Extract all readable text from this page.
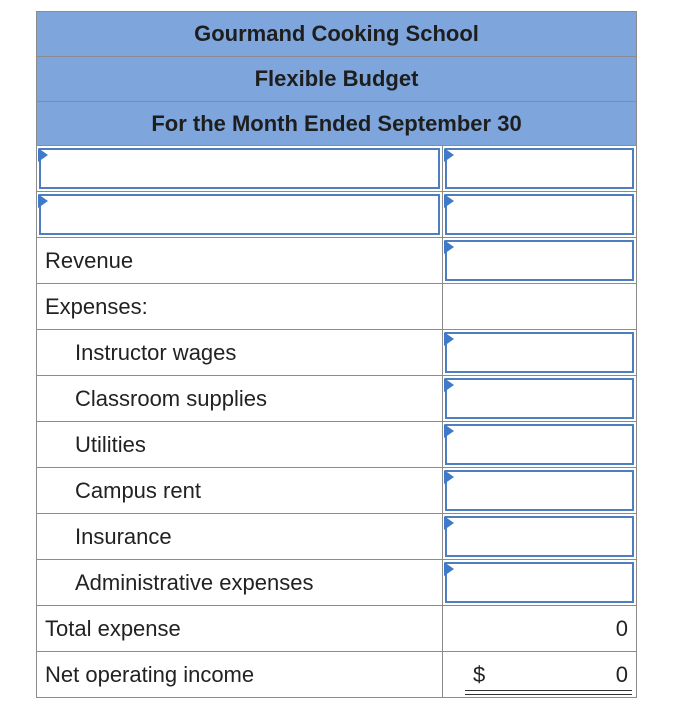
Gourmand Cooking School
Flexible Budget
For the Month Ended September 30
Revenue
Expenses:
Instructor wages
Classroom supplies
Utilities
Campus rent
Insurance
Administrative expenses
Total expense	0
Net operating income	$	0
